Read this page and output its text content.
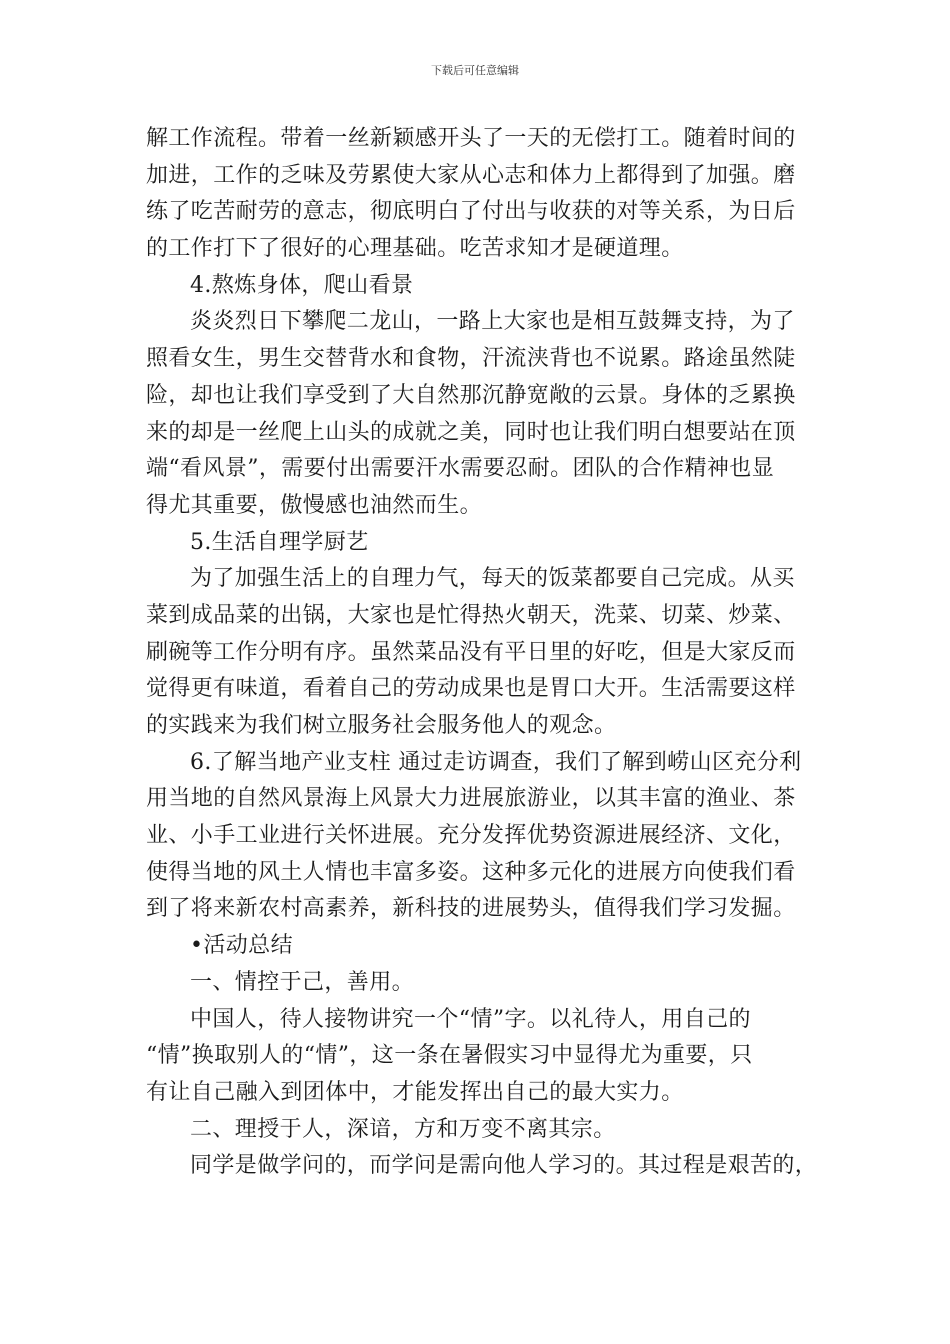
下载后可任意编辑
解工作流程。带着一丝新颖感开头了一天的无偿打工。随着时间的
加进，工作的乏味及劳累使大家从心志和体力上都得到了加强。磨
练了吃苦耐劳的意志，彻底明白了付出与收获的对等关系，为日后
的工作打下了很好的心理基础。吃苦求知才是硬道理。
4.熬炼身体，爬山看景
炎炎烈日下攀爬二龙山，一路上大家也是相互鼓舞支持，为了
照看女生，男生交替背水和食物，汗流浃背也不说累。路途虽然陡
险，却也让我们享受到了大自然那沉静宽敞的云景。身体的乏累换
来的却是一丝爬上山头的成就之美，同时也让我们明白想要站在顶
端“看风景”，需要付出需要汗水需要忍耐。团队的合作精神也显
得尤其重要，傲慢感也油然而生。
5.生活自理学厨艺
为了加强生活上的自理力气，每天的饭菜都要自己完成。从买
菜到成品菜的出锅，大家也是忙得热火朝天，洗菜、切菜、炒菜、
刷碗等工作分明有序。虽然菜品没有平日里的好吃，但是大家反而
觉得更有味道，看着自己的劳动成果也是胃口大开。生活需要这样
的实践来为我们树立服务社会服务他人的观念。
6.了解当地产业支柱 通过走访调查，我们了解到崂山区充分利
用当地的自然风景海上风景大力进展旅游业，以其丰富的渔业、茶
业、小手工业进行关怀进展。充分发挥优势资源进展经济、文化，
使得当地的风土人情也丰富多姿。这种多元化的进展方向使我们看
到了将来新农村高素养，新科技的进展势头，值得我们学习发掘。
•活动总结
一、情控于己，善用。
中国人，待人接物讲究一个“情”字。以礼待人，用自己的
“情”换取别人的“情”，这一条在暑假实习中显得尤为重要，只
有让自己融入到团体中，才能发挥出自己的最大实力。
二、理授于人，深谙，方和万变不离其宗。
同学是做学问的，而学问是需向他人学习的。其过程是艰苦的，
